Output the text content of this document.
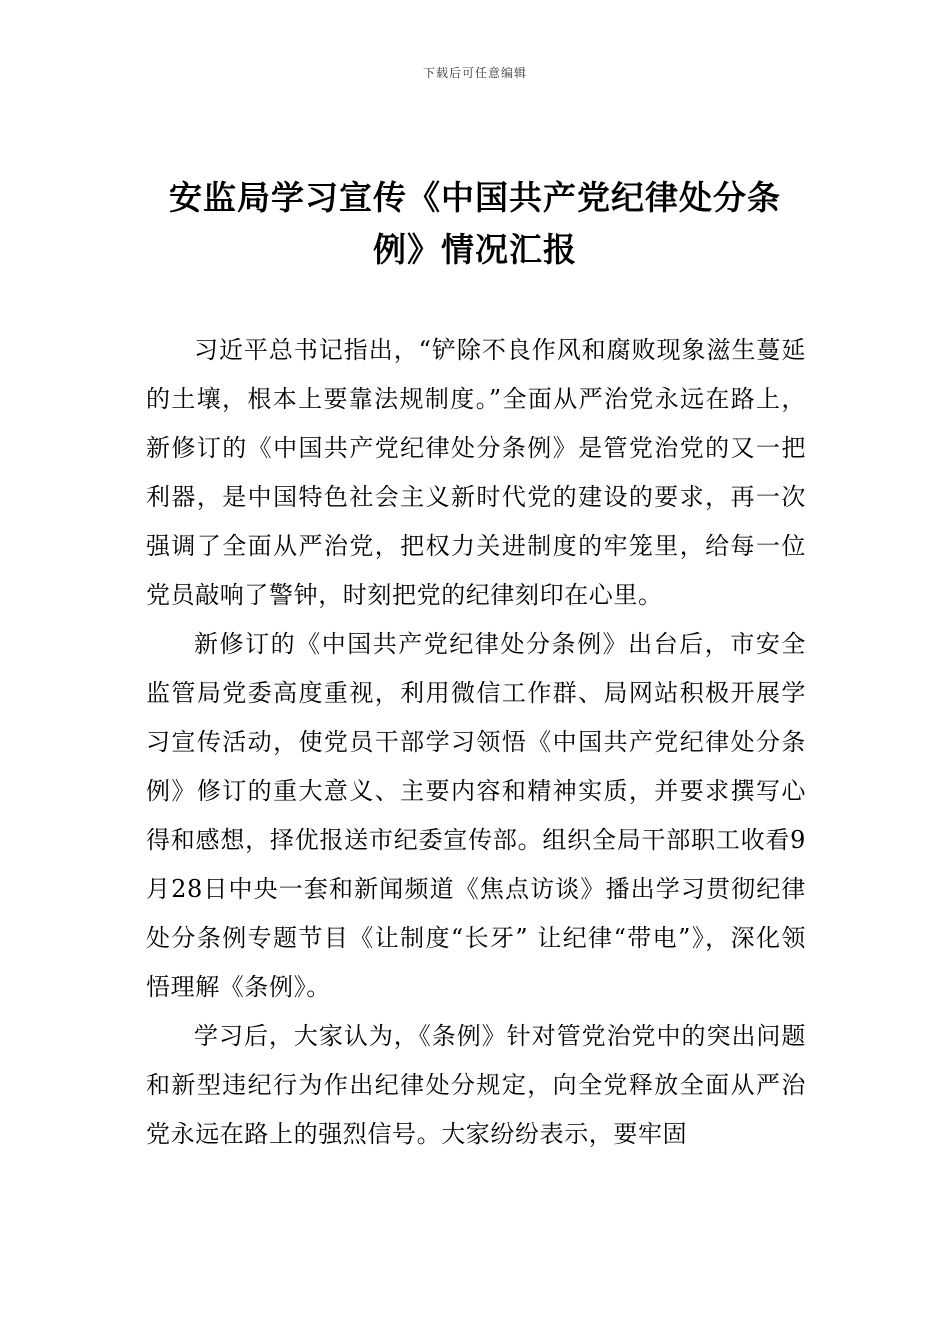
下载后可任意编辑
安监局学习宣传《中国共产党纪律处分条例》情况汇报

习近平总书记指出，“铲除不良作风和腐败现象滋生蔓延的土壤，根本上要靠法规制度。”全面从严治党永远在路上，新修订的《中国共产党纪律处分条例》是管党治党的又一把利器，是中国特色社会主义新时代党的建设的要求，再一次强调了全面从严治党，把权力关进制度的牢笼里，给每一位党员敲响了警钟，时刻把党的纪律刻印在心里。

新修订的《中国共产党纪律处分条例》出台后，市安全监管局党委高度重视，利用微信工作群、局网站积极开展学习宣传活动，使党员干部学习领悟《中国共产党纪律处分条例》修订的重大意义、主要内容和精神实质，并要求撰写心得和感想，择优报送市纪委宣传部。组织全局干部职工收看9月28日中央一套和新闻频道《焦点访谈》播出学习贯彻纪律处分条例专题节目《让制度“长牙” 让纪律“带电”》，深化领悟理解《条例》。

学习后，大家认为，《条例》针对管党治党中的突出问题和新型违纪行为作出纪律处分规定，向全党释放全面从严治党永远在路上的强烈信号。大家纷纷表示，要牢固
